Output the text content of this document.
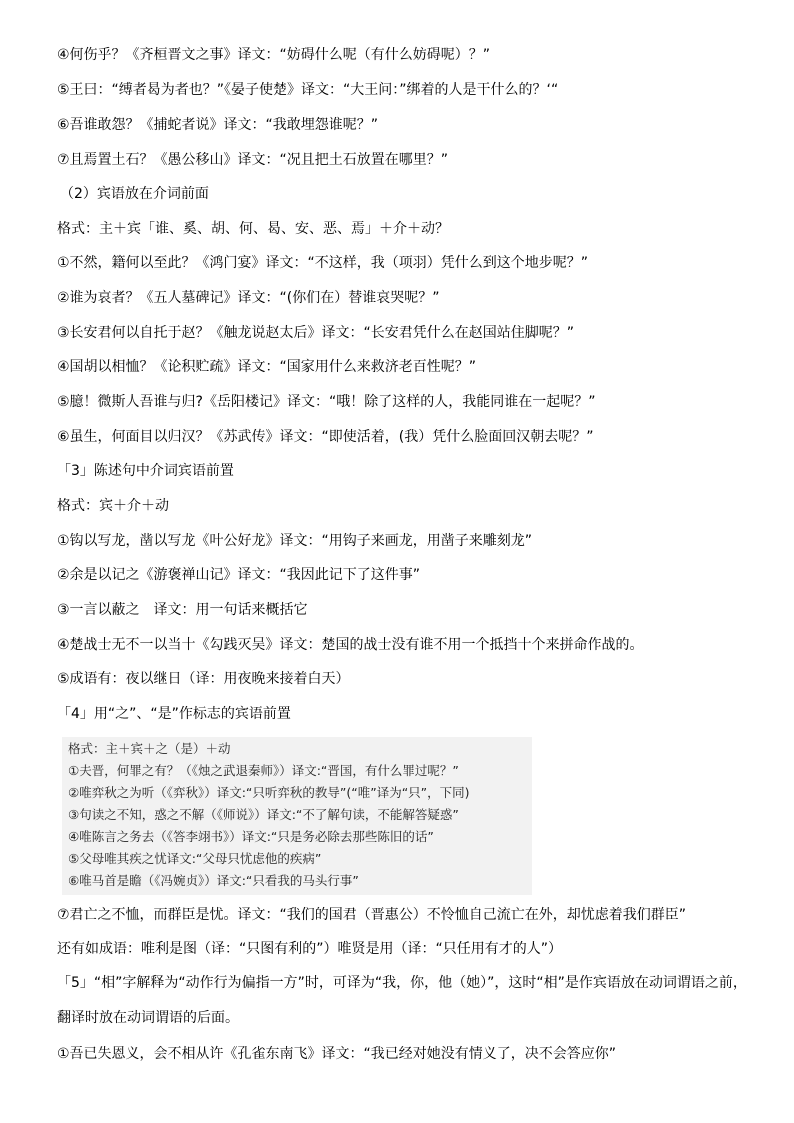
④何伤乎？《齐桓晋文之事》译文：“妨碍什么呢（有什么妨碍呢）？”
⑤王曰：“缚者曷为者也？”《晏子使楚》译文：“大王问：”绑着的人是干什么的？‘“
⑥吾谁敢怨？《捕蛇者说》译文：“我敢埋怨谁呢？”
⑦且焉置土石？《愚公移山》译文：“况且把土石放置在哪里？”
（2）宾语放在介词前面
格式：主＋宾「谁、奚、胡、何、曷、安、恶、焉」＋介＋动？
①不然，籍何以至此？《鸿门宴》译文：“不这样，我（项羽）凭什么到这个地步呢？”
②谁为哀者？《五人墓碑记》译文：“(你们在）替谁哀哭呢？”
③长安君何以自托于赵？《触龙说赵太后》译文：“长安君凭什么在赵国站住脚呢？”
④国胡以相恤？《论积贮疏》译文：“国家用什么来救济老百性呢？”
⑤臆！微斯人吾谁与归?《岳阳楼记》译文：“哦！除了这样的人，我能同谁在一起呢？”
⑥虽生，何面目以归汉？《苏武传》译文：“即使活着，(我）凭什么脸面回汉朝去呢？”
「3」陈述句中介词宾语前置
格式：宾＋介＋动
①钩以写龙，凿以写龙《叶公好龙》译文：“用钩子来画龙，用凿子来雕刻龙”
②余是以记之《游褒禅山记》译文：“我因此记下了这件事”
③一言以蔽之　译文：用一句话来概括它
④楚战士无不一以当十《勾践灭吴》译文：楚国的战士没有谁不用一个抵挡十个来拼命作战的。
⑤成语有：夜以继日（译：用夜晚来接着白天）
「4」用“之”、“是”作标志的宾语前置
格式：主＋宾＋之（是）＋动
①夫晋，何罪之有？（《烛之武退秦师》）译文:“晋国，有什么罪过呢？”
②唯弈秋之为听（《弈秋》）译文:“只听弈秋的教导”(“唯”译为“只”，下同)
③句读之不知，惑之不解（《师说》）译文:“不了解句读，不能解答疑惑”
④唯陈言之务去（《答李翊书》）译文:“只是务必除去那些陈旧的话”
⑤父母唯其疾之忧译文:“父母只忧虑他的疾病”
⑥唯马首是瞻（《冯婉贞》）译文:“只看我的马头行事”
⑦君亡之不恤，而群臣是忧。译文：“我们的国君（晋惠公）不怜恤自己流亡在外，却忧虑着我们群臣”
还有如成语：唯利是图（译：“只图有利的”）唯贤是用（译：“只任用有才的人”）
「5」“相”字解释为“动作行为偏指一方”时，可译为“我，你，他（她）”，这时“相”是作宾语放在动词谓语之前，翻译时放在动词谓语的后面。
①吾已失恩义，会不相从许《孔雀东南飞》译文：“我已经对她没有情义了，决不会答应你”
